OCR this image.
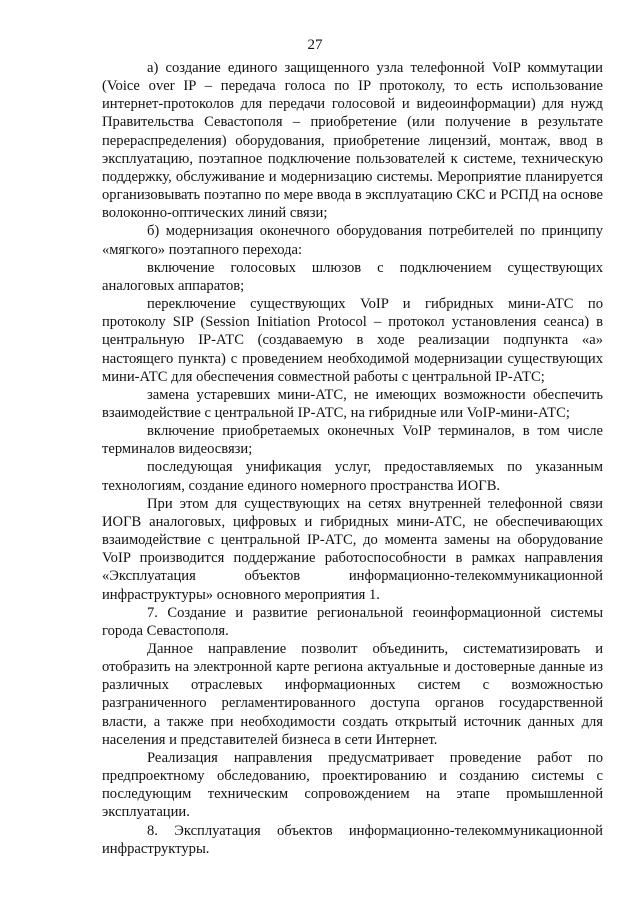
27

а) создание единого защищенного узла телефонной VoIP коммутации (Voice over IP – передача голоса по IP протоколу, то есть использование интернет-протоколов для передачи голосовой и видеоинформации) для нужд Правительства Севастополя – приобретение (или получение в результате перераспределения) оборудования, приобретение лицензий, монтаж, ввод в эксплуатацию, поэтапное подключение пользователей к системе, техническую поддержку, обслуживание и модернизацию системы. Мероприятие планируется организовывать поэтапно по мере ввода в эксплуатацию СКС и РСПД на основе волоконно-оптических линий связи;

б) модернизация оконечного оборудования потребителей по принципу «мягкого» поэтапного перехода:

включение голосовых шлюзов с подключением существующих аналоговых аппаратов;

переключение существующих VoIP и гибридных мини-АТС по протоколу SIP (Session Initiation Protocol – протокол установления сеанса) в центральную IP-АТС (создаваемую в ходе реализации подпункта «а» настоящего пункта) с проведением необходимой модернизации существующих мини-АТС для обеспечения совместной работы с центральной IP-АТС;

замена устаревших мини-АТС, не имеющих возможности обеспечить взаимодействие с центральной IP-АТС, на гибридные или VoIP-мини-АТС;

включение приобретаемых оконечных VoIP терминалов, в том числе терминалов видеосвязи;

последующая унификация услуг, предоставляемых по указанным технологиям, создание единого номерного пространства ИОГВ.

При этом для существующих на сетях внутренней телефонной связи ИОГВ аналоговых, цифровых и гибридных мини-АТС, не обеспечивающих взаимодействие с центральной IP-АТС, до момента замены на оборудование VoIP производится поддержание работоспособности в рамках направления «Эксплуатация объектов информационно-телекоммуникационной инфраструктуры» основного мероприятия 1.

7. Создание и развитие региональной геоинформационной системы города Севастополя.

Данное направление позволит объединить, систематизировать и отобразить на электронной карте региона актуальные и достоверные данные из различных отраслевых информационных систем с возможностью разграниченного регламентированного доступа органов государственной власти, а также при необходимости создать открытый источник данных для населения и представителей бизнеса в сети Интернет.

Реализация направления предусматривает проведение работ по предпроектному обследованию, проектированию и созданию системы с последующим техническим сопровождением на этапе промышленной эксплуатации.

8. Эксплуатация объектов информационно-телекоммуникационной инфраструктуры.
